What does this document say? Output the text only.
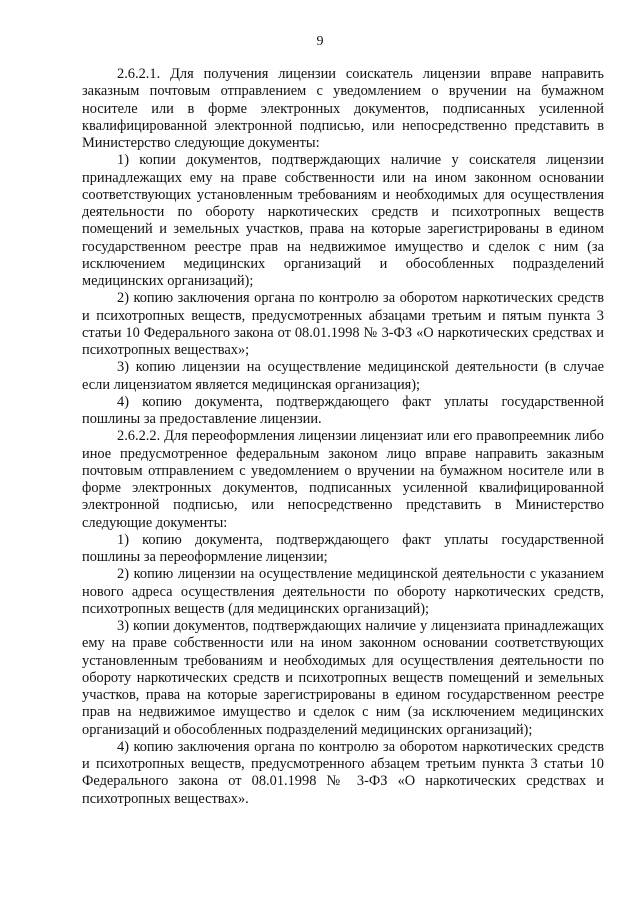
9

2.6.2.1. Для получения лицензии соискатель лицензии вправе направить заказным почтовым отправлением с уведомлением о вручении на бумажном носителе или в форме электронных документов, подписанных усиленной квалифицированной электронной подписью, или непосредственно представить в Министерство следующие документы:

1) копии документов, подтверждающих наличие у соискателя лицензии принадлежащих ему на праве собственности или на ином законном основании соответствующих установленным требованиям и необходимых для осуществления деятельности по обороту наркотических средств и психотропных веществ помещений и земельных участков, права на которые зарегистрированы в едином государственном реестре прав на недвижимое имущество и сделок с ним (за исключением медицинских организаций и обособленных подразделений медицинских организаций);

2) копию заключения органа по контролю за оборотом наркотических средств и психотропных веществ, предусмотренных абзацами третьим и пятым пункта 3 статьи 10 Федерального закона от 08.01.1998 № 3-ФЗ «О наркотических средствах и психотропных веществах»;

3) копию лицензии на осуществление медицинской деятельности (в случае если лицензиатом является медицинская организация);

4) копию документа, подтверждающего факт уплаты государственной пошлины за предоставление лицензии.

2.6.2.2. Для переоформления лицензии лицензиат или его правопреемник либо иное предусмотренное федеральным законом лицо вправе направить заказным почтовым отправлением с уведомлением о вручении на бумажном носителе или в форме электронных документов, подписанных усиленной квалифицированной электронной подписью, или непосредственно представить в Министерство следующие документы:

1) копию документа, подтверждающего факт уплаты государственной пошлины за переоформление лицензии;

2) копию лицензии на осуществление медицинской деятельности с указанием нового адреса осуществления деятельности по обороту наркотических средств, психотропных веществ (для медицинских организаций);

3) копии документов, подтверждающих наличие у лицензиата принадлежащих ему на праве собственности или на ином законном основании соответствующих установленным требованиям и необходимых для осуществления деятельности по обороту наркотических средств и психотропных веществ помещений и земельных участков, права на которые зарегистрированы в едином государственном реестре прав на недвижимое имущество и сделок с ним (за исключением медицинских организаций и обособленных подразделений медицинских организаций);

4) копию заключения органа по контролю за оборотом наркотических средств и психотропных веществ, предусмотренного абзацем третьим пункта 3 статьи 10 Федерального закона от 08.01.1998 № 3-ФЗ «О наркотических средствах и психотропных веществах».
